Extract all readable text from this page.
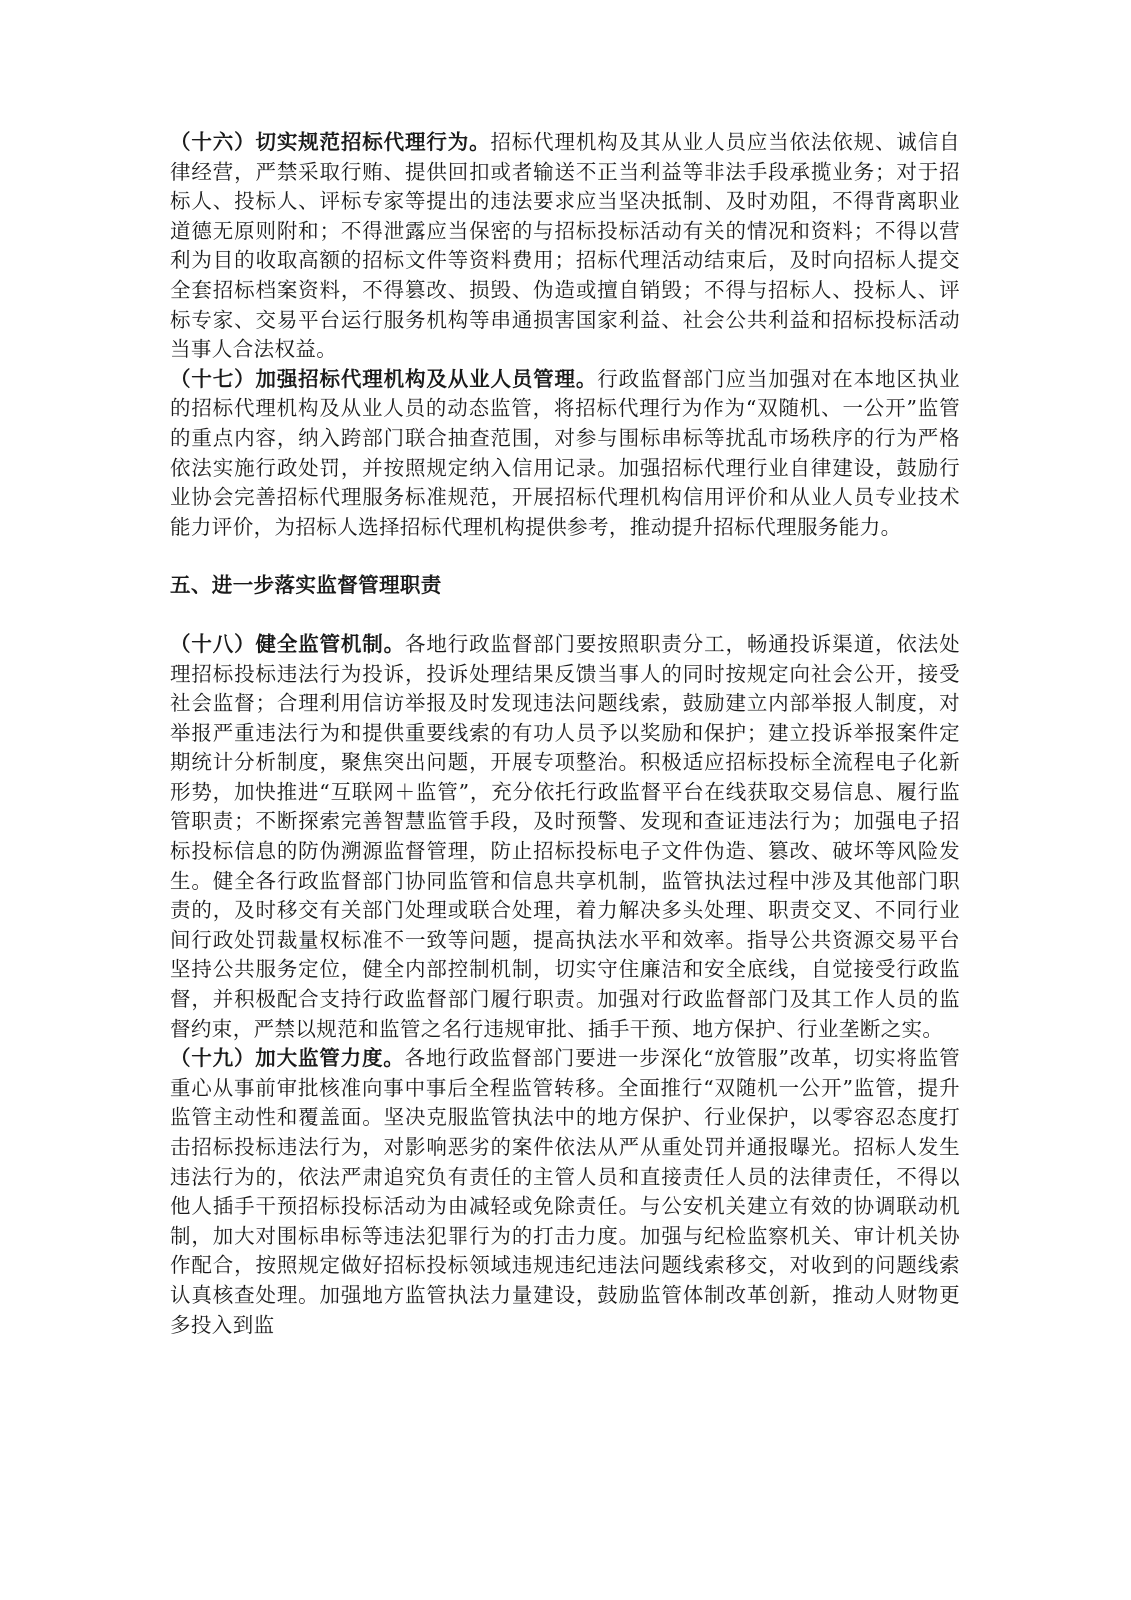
（十六）切实规范招标代理行为。招标代理机构及其从业人员应当依法依规、诚信自律经营，严禁采取行贿、提供回扣或者输送不正当利益等非法手段承揽业务；对于招标人、投标人、评标专家等提出的违法要求应当坚决抵制、及时劝阻，不得背离职业道德无原则附和；不得泄露应当保密的与招标投标活动有关的情况和资料；不得以营利为目的收取高额的招标文件等资料费用；招标代理活动结束后，及时向招标人提交全套招标档案资料，不得篡改、损毁、伪造或擅自销毁；不得与招标人、投标人、评标专家、交易平台运行服务机构等串通损害国家利益、社会公共利益和招标投标活动当事人合法权益。

（十七）加强招标代理机构及从业人员管理。行政监督部门应当加强对在本地区执业的招标代理机构及从业人员的动态监管，将招标代理行为作为“双随机、一公开”监管的重点内容，纳入跨部门联合抽查范围，对参与围标串标等扰乱市场秩序的行为严格依法实施行政处罚，并按照规定纳入信用记录。加强招标代理行业自律建设，鼓励行业协会完善招标代理服务标准规范，开展招标代理机构信用评价和从业人员专业技术能力评价，为招标人选择招标代理机构提供参考，推动提升招标代理服务能力。

五、进一步落实监督管理职责

（十八）健全监管机制。各地行政监督部门要按照职责分工，畅通投诉渠道，依法处理招标投标违法行为投诉，投诉处理结果反馈当事人的同时按规定向社会公开，接受社会监督；合理利用信访举报及时发现违法问题线索，鼓励建立内部举报人制度，对举报严重违法行为和提供重要线索的有功人员予以奖励和保护；建立投诉举报案件定期统计分析制度，聚焦突出问题，开展专项整治。积极适应招标投标全流程电子化新形势，加快推进“互联网＋监管”，充分依托行政监督平台在线获取交易信息、履行监管职责；不断探索完善智慧监管手段，及时预警、发现和查证违法行为；加强电子招标投标信息的防伪溯源监督管理，防止招标投标电子文件伪造、篡改、破坏等风险发生。健全各行政监督部门协同监管和信息共享机制，监管执法过程中涉及其他部门职责的，及时移交有关部门处理或联合处理，着力解决多头处理、职责交叉、不同行业间行政处罚裁量权标准不一致等问题，提高执法水平和效率。指导公共资源交易平台坚持公共服务定位，健全内部控制机制，切实守住廉洁和安全底线，自觉接受行政监督，并积极配合支持行政监督部门履行职责。加强对行政监督部门及其工作人员的监督约束，严禁以规范和监管之名行违规审批、插手干预、地方保护、行业垄断之实。

（十九）加大监管力度。各地行政监督部门要进一步深化“放管服”改革，切实将监管重心从事前审批核准向事中事后全程监管转移。全面推行“双随机一公开”监管，提升监管主动性和覆盖面。坚决克服监管执法中的地方保护、行业保护，以零容忍态度打击招标投标违法行为，对影响恶劣的案件依法从严从重处罚并通报曝光。招标人发生违法行为的，依法严肃追究负有责任的主管人员和直接责任人员的法律责任，不得以他人插手干预招标投标活动为由减轻或免除责任。与公安机关建立有效的协调联动机制，加大对围标串标等违法犯罪行为的打击力度。加强与纪检监察机关、审计机关协作配合，按照规定做好招标投标领域违规违纪违法问题线索移交，对收到的问题线索认真核查处理。加强地方监管执法力量建设，鼓励监管体制改革创新，推动人财物更多投入到监
